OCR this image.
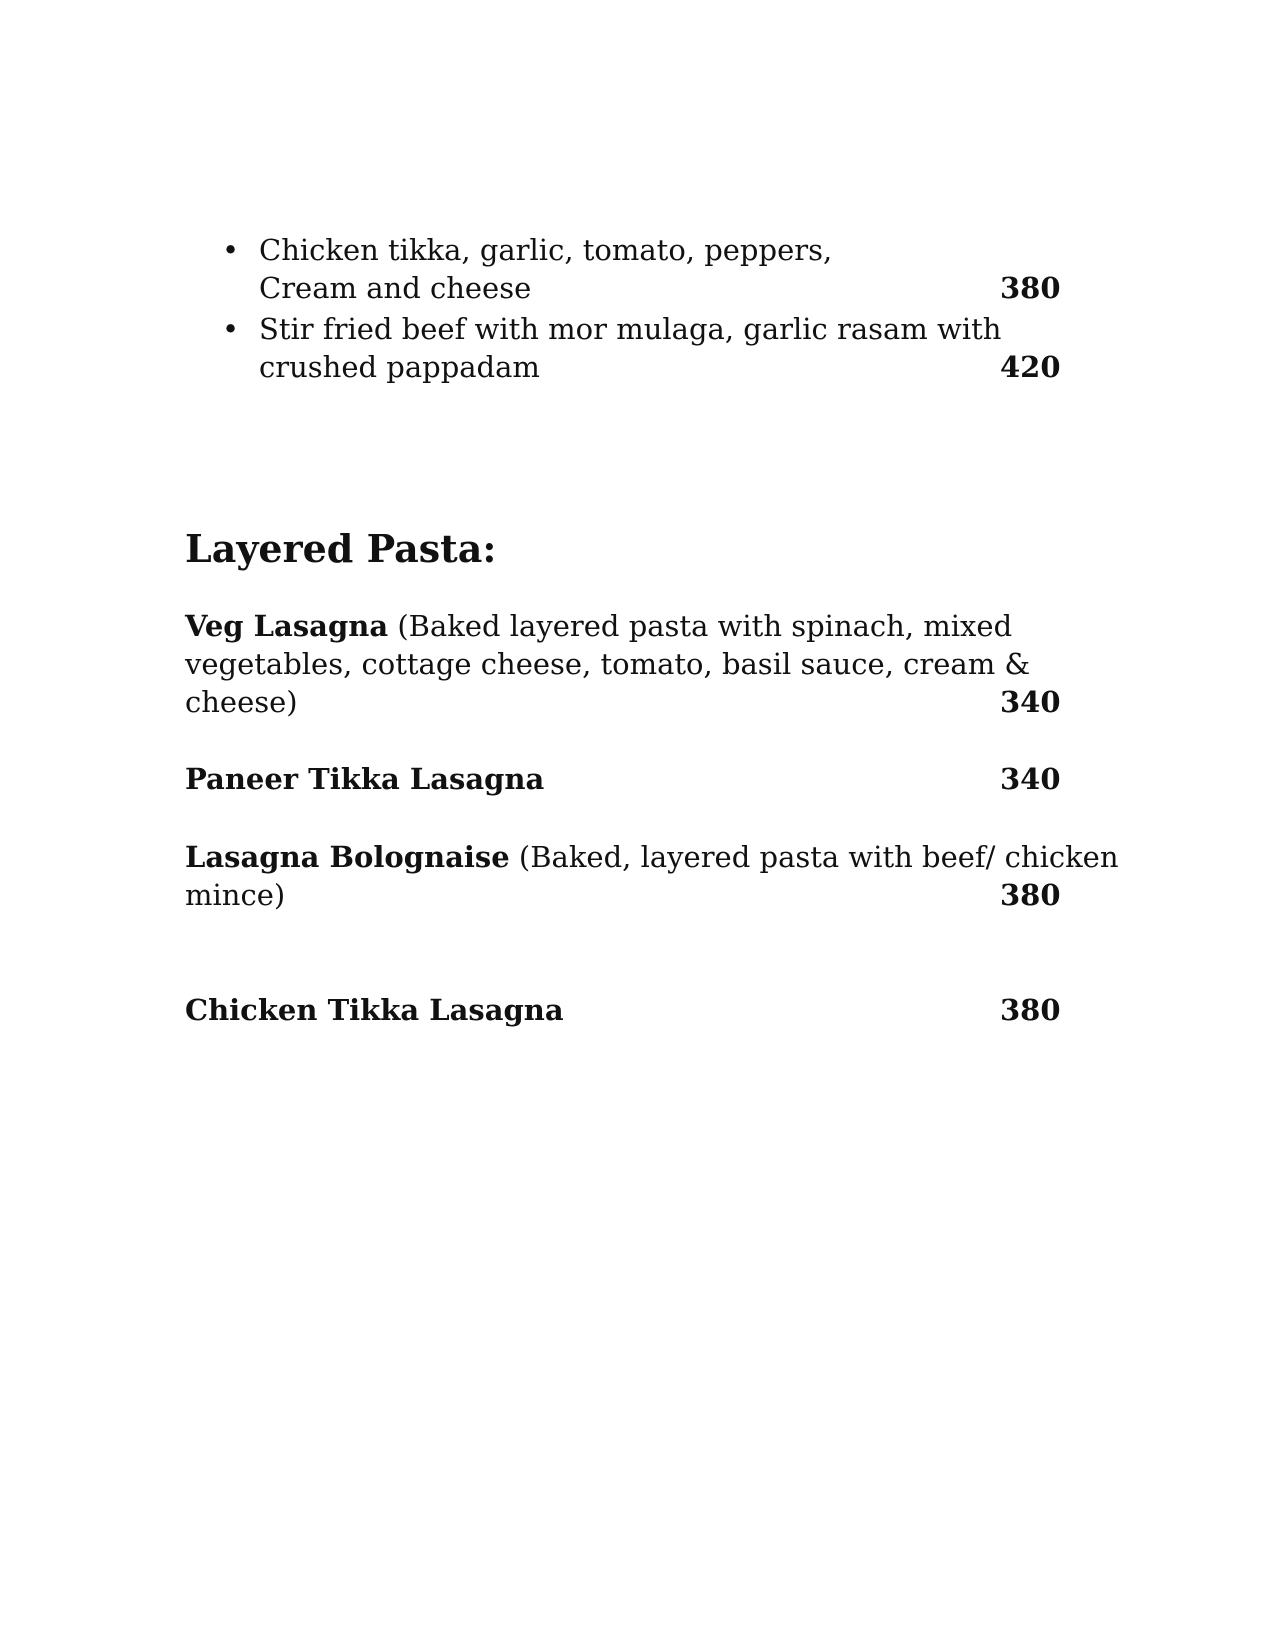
• Chicken tikka, garlic, tomato, peppers,
Cream and cheese	380
• Stir fried beef with mor mulaga, garlic rasam with
crushed pappadam	420
Layered Pasta:
Veg Lasagna (Baked layered pasta with spinach, mixed
vegetables, cottage cheese, tomato, basil sauce, cream &
cheese)	340
Paneer Tikka Lasagna	340
Lasagna Bolognaise (Baked, layered pasta with beef/ chicken
mince)	380
Chicken Tikka Lasagna	380
